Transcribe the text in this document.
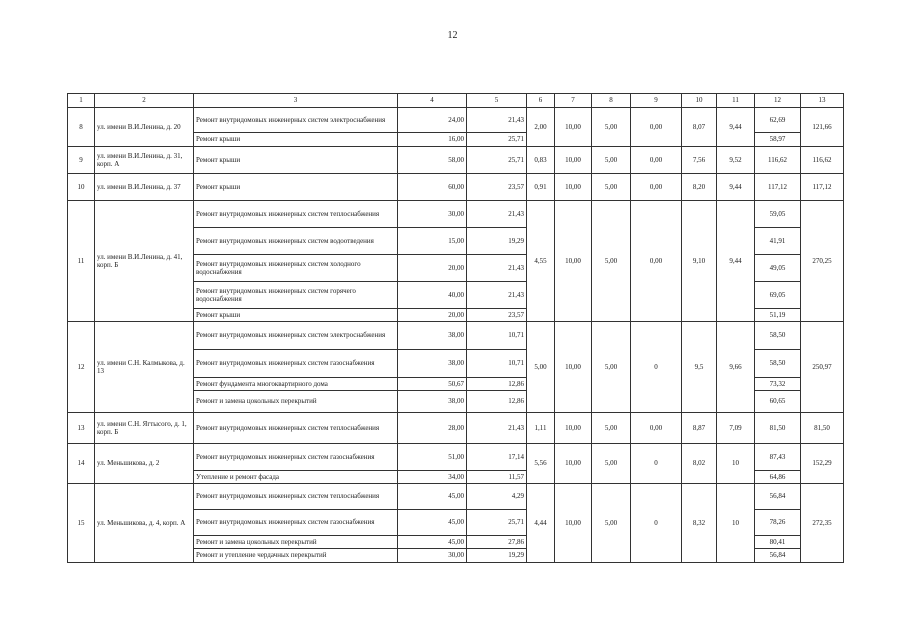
12
1	2	3	4	5	6	7	8	9	10	11	12	13
8	ул. имени В.И.Ленина, д. 20	Ремонт внутридомовых инженерных систем электроснабжения	24,00	21,43	2,00	10,00	5,00	0,00	8,07	9,44	62,69	121,66
		Ремонт крыши	16,00	25,71							58,97	
9	ул. имени В.И.Ленина, д. 31, корп. А	Ремонт крыши	58,00	25,71	0,83	10,00	5,00	0,00	7,56	9,52	116,62	116,62
10	ул. имени В.И.Ленина, д. 37	Ремонт крыши	60,00	23,57	0,91	10,00	5,00	0,00	8,20	9,44	117,12	117,12
11	ул. имени В.И.Ленина, д. 41, корп. Б	Ремонт внутридомовых инженерных систем теплоснабжения	30,00	21,43	4,55	10,00	5,00	0,00	9,10	9,44	59,05	270,25
		Ремонт внутридомовых инженерных систем водоотведения	15,00	19,29							41,91	
		Ремонт внутридомовых инженерных систем холодного водоснабжения	20,00	21,43							49,05	
		Ремонт внутридомовых инженерных систем горячего водоснабжения	40,00	21,43							69,05	
		Ремонт крыши	20,00	23,57							51,19	
12	ул. имени С.Н. Калмыкова, д. 13	Ремонт внутридомовых инженерных систем электроснабжения	38,00	10,71	5,00	10,00	5,00	0	9,5	9,66	58,50	250,97
		Ремонт внутридомовых инженерных систем газоснабжения	38,00	10,71							58,50	
		Ремонт фундамента многоквартирного дома	50,67	12,86							73,32	
		Ремонт и замена цокольных перекрытий	38,00	12,86							60,65	
13	ул. имени С.Н. Ягтысого, д. 1, корп. Б	Ремонт внутридомовых инженерных систем теплоснабжения	28,00	21,43	1,11	10,00	5,00	0,00	8,87	7,09	81,50	81,50
14	ул. Меньшикова, д. 2	Ремонт внутридомовых инженерных систем газоснабжения	51,00	17,14	5,56	10,00	5,00	0	8,02	10	87,43	152,29
		Утепление и ремонт фасада	34,00	11,57							64,86	
15	ул. Меньшикова, д. 4, корп. А	Ремонт внутридомовых инженерных систем теплоснабжения	45,00	4,29	4,44	10,00	5,00	0	8,32	10	56,84	272,35
		Ремонт внутридомовых инженерных систем газоснабжения	45,00	25,71							78,26	
		Ремонт и замена цокольных перекрытий	45,00	27,86							80,41	
		Ремонт и утепление чердачных перекрытий	30,00	19,29							56,84	
